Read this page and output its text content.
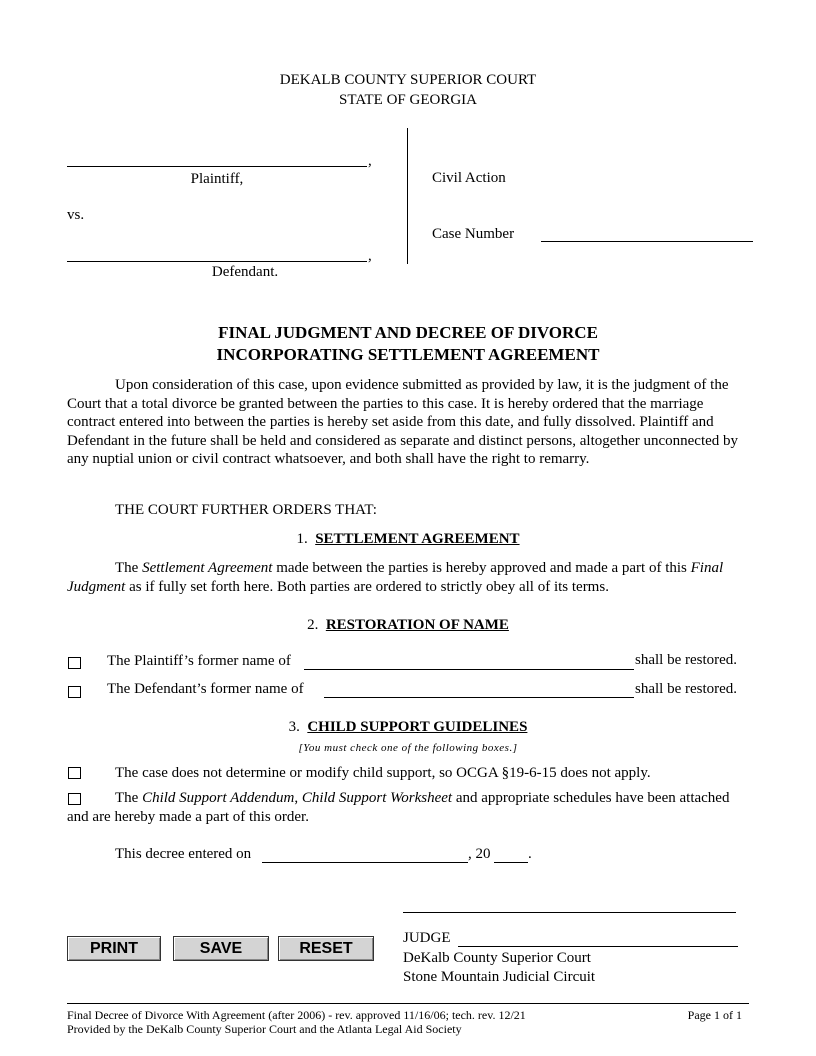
DEKALB COUNTY SUPERIOR COURT
STATE OF GEORGIA
,
Plaintiff,
vs.
,
Defendant.
Civil Action
Case Number
FINAL JUDGMENT AND DECREE OF DIVORCE
INCORPORATING SETTLEMENT AGREEMENT
Upon consideration of this case, upon evidence submitted as provided by law, it is the judgment of the Court that a total divorce be granted between the parties to this case. It is hereby ordered that the marriage contract entered into between the parties is hereby set aside from this date, and fully dissolved. Plaintiff and Defendant in the future shall be held and considered as separate and distinct persons, altogether unconnected by any nuptial union or civil contract whatsoever, and both shall have the right to remarry.
THE COURT FURTHER ORDERS THAT:
1. SETTLEMENT AGREEMENT
The Settlement Agreement made between the parties is hereby approved and made a part of this Final Judgment as if fully set forth here. Both parties are ordered to strictly obey all of its terms.
2. RESTORATION OF NAME
The Plaintiff’s former name of	shall be restored.
The Defendant’s former name of	shall be restored.
3. CHILD SUPPORT GUIDELINES
[You must check one of the following boxes.]
The case does not determine or modify child support, so OCGA §19-6-15 does not apply.
The Child Support Addendum, Child Support Worksheet and appropriate schedules have been attached and are hereby made a part of this order.
This decree entered on	, 20	.
JUDGE
DeKalb County Superior Court
Stone Mountain Judicial Circuit
PRINT	SAVE	RESET
Final Decree of Divorce With Agreement (after 2006) - rev. approved 11/16/06; tech. rev. 12/21	Page 1 of 1
Provided by the DeKalb County Superior Court and the Atlanta Legal Aid Society
